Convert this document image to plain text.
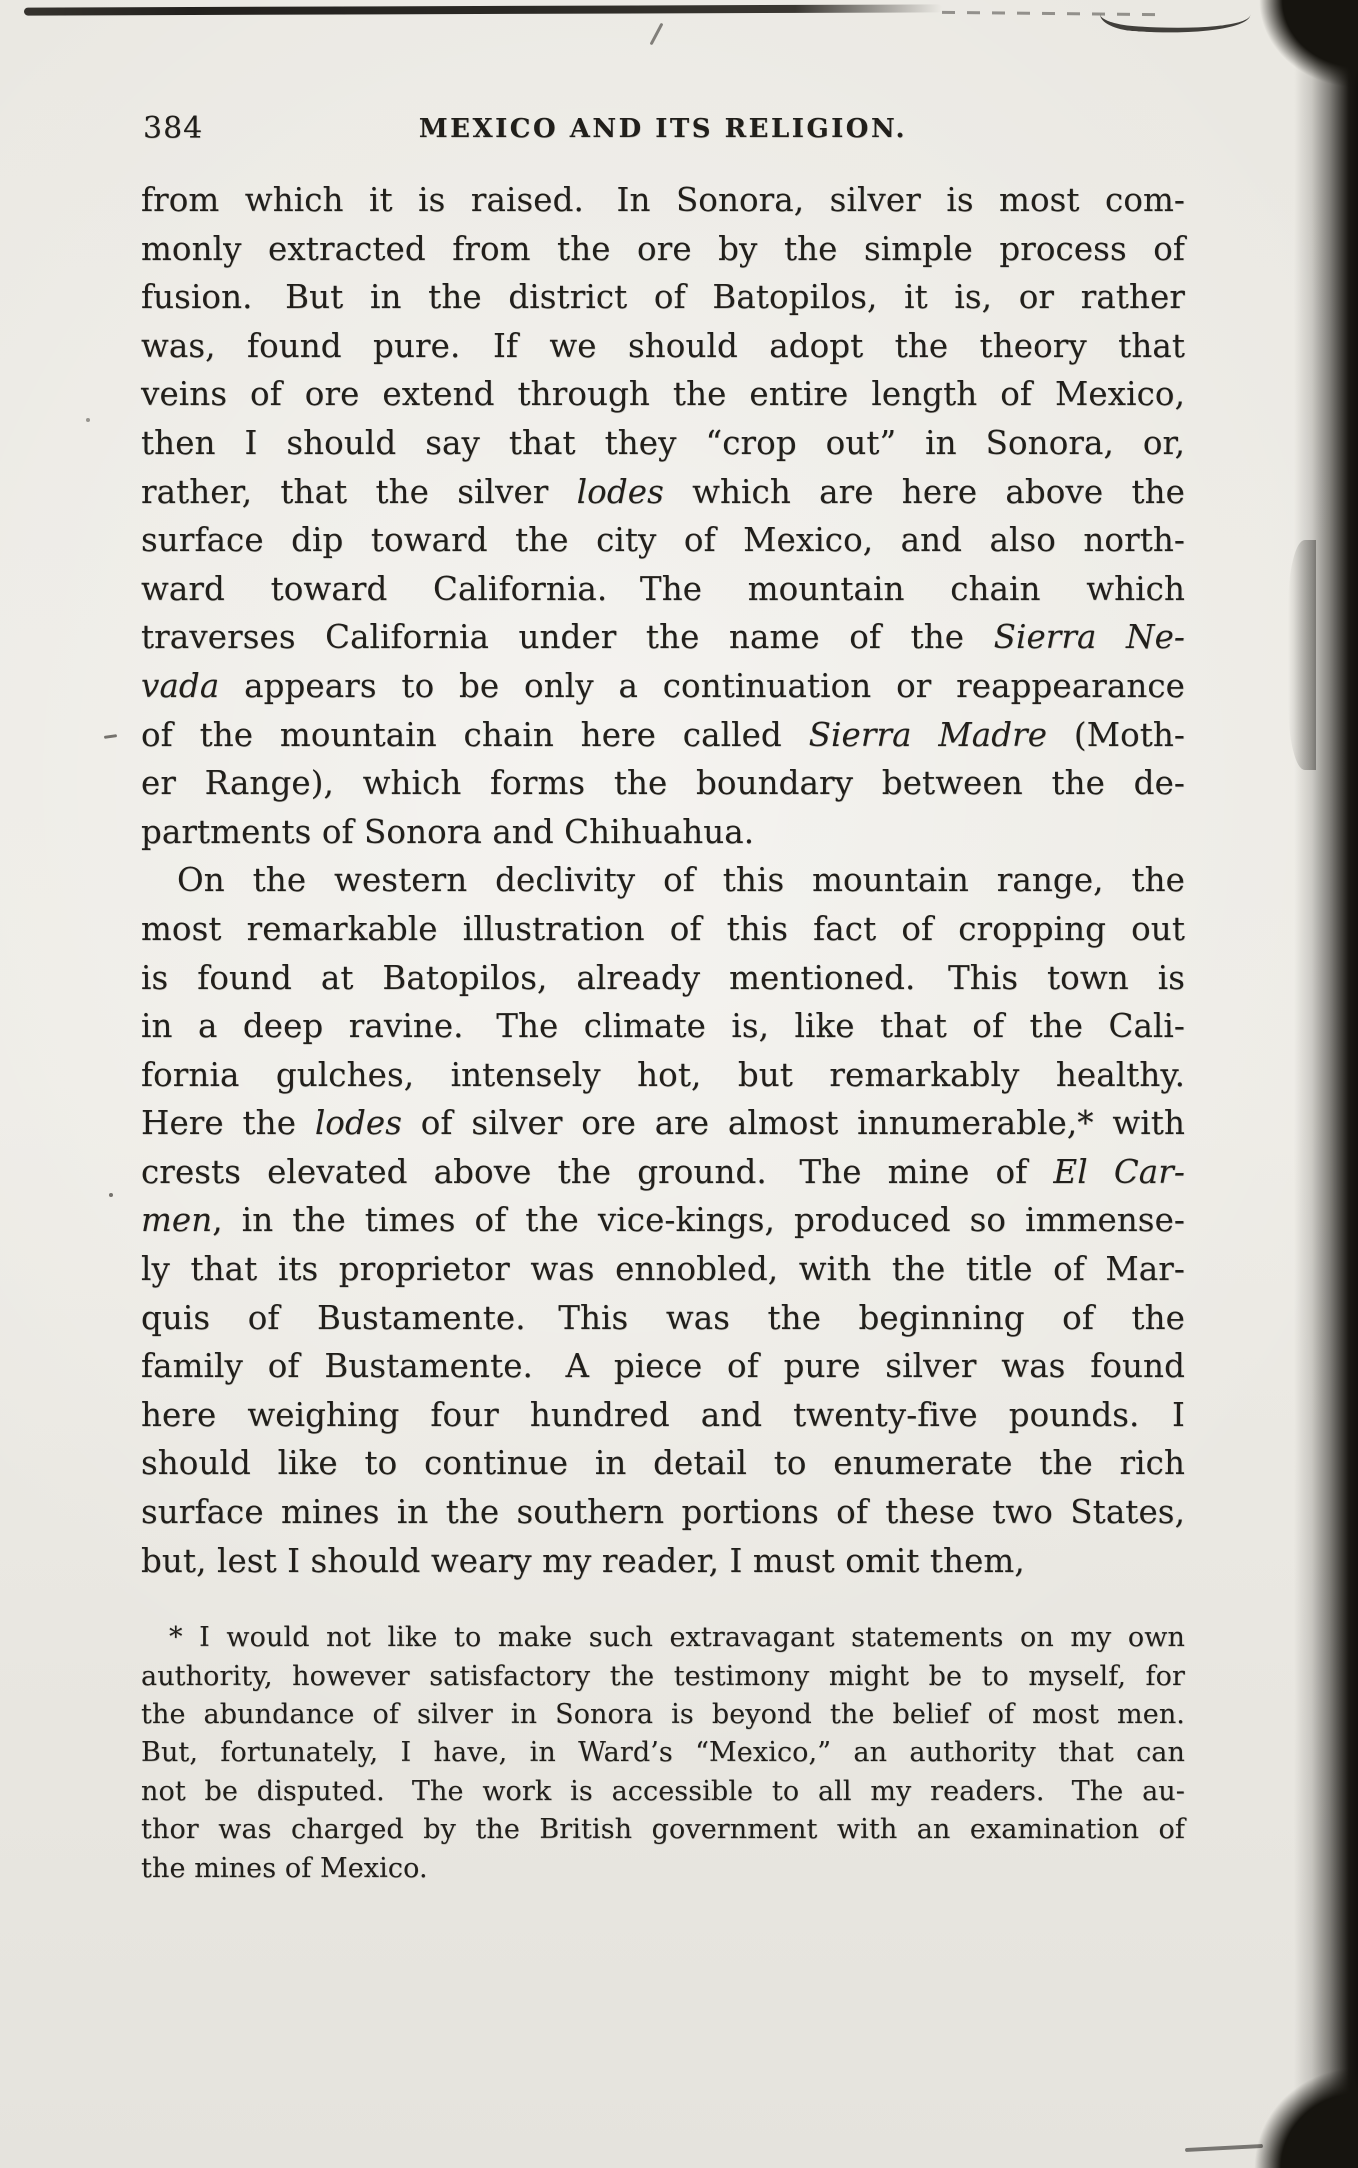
384	MEXICO AND ITS RELIGION.
from which it is raised. In Sonora, silver is most com-
monly extracted from the ore by the simple process of
fusion. But in the district of Batopilos, it is, or rather
was, found pure. If we should adopt the theory that
veins of ore extend through the entire length of Mexico,
then I should say that they “crop out” in Sonora, or,
rather, that the silver lodes which are here above the
surface dip toward the city of Mexico, and also north-
ward toward California. The mountain chain which
traverses California under the name of the Sierra Ne-
vada appears to be only a continuation or reappearance
of the mountain chain here called Sierra Madre (Moth-
er Range), which forms the boundary between the de-
partments of Sonora and Chihuahua.
On the western declivity of this mountain range, the
most remarkable illustration of this fact of cropping out
is found at Batopilos, already mentioned. This town is
in a deep ravine. The climate is, like that of the Cali-
fornia gulches, intensely hot, but remarkably healthy.
Here the lodes of silver ore are almost innumerable,* with
crests elevated above the ground. The mine of El Car-
men, in the times of the vice-kings, produced so immense-
ly that its proprietor was ennobled, with the title of Mar-
quis of Bustamente. This was the beginning of the
family of Bustamente. A piece of pure silver was found
here weighing four hundred and twenty-five pounds. I
should like to continue in detail to enumerate the rich
surface mines in the southern portions of these two States,
but, lest I should weary my reader, I must omit them,
* I would not like to make such extravagant statements on my own
authority, however satisfactory the testimony might be to myself, for
the abundance of silver in Sonora is beyond the belief of most men.
But, fortunately, I have, in Ward’s “Mexico,” an authority that can
not be disputed. The work is accessible to all my readers. The au-
thor was charged by the British government with an examination of
the mines of Mexico.
